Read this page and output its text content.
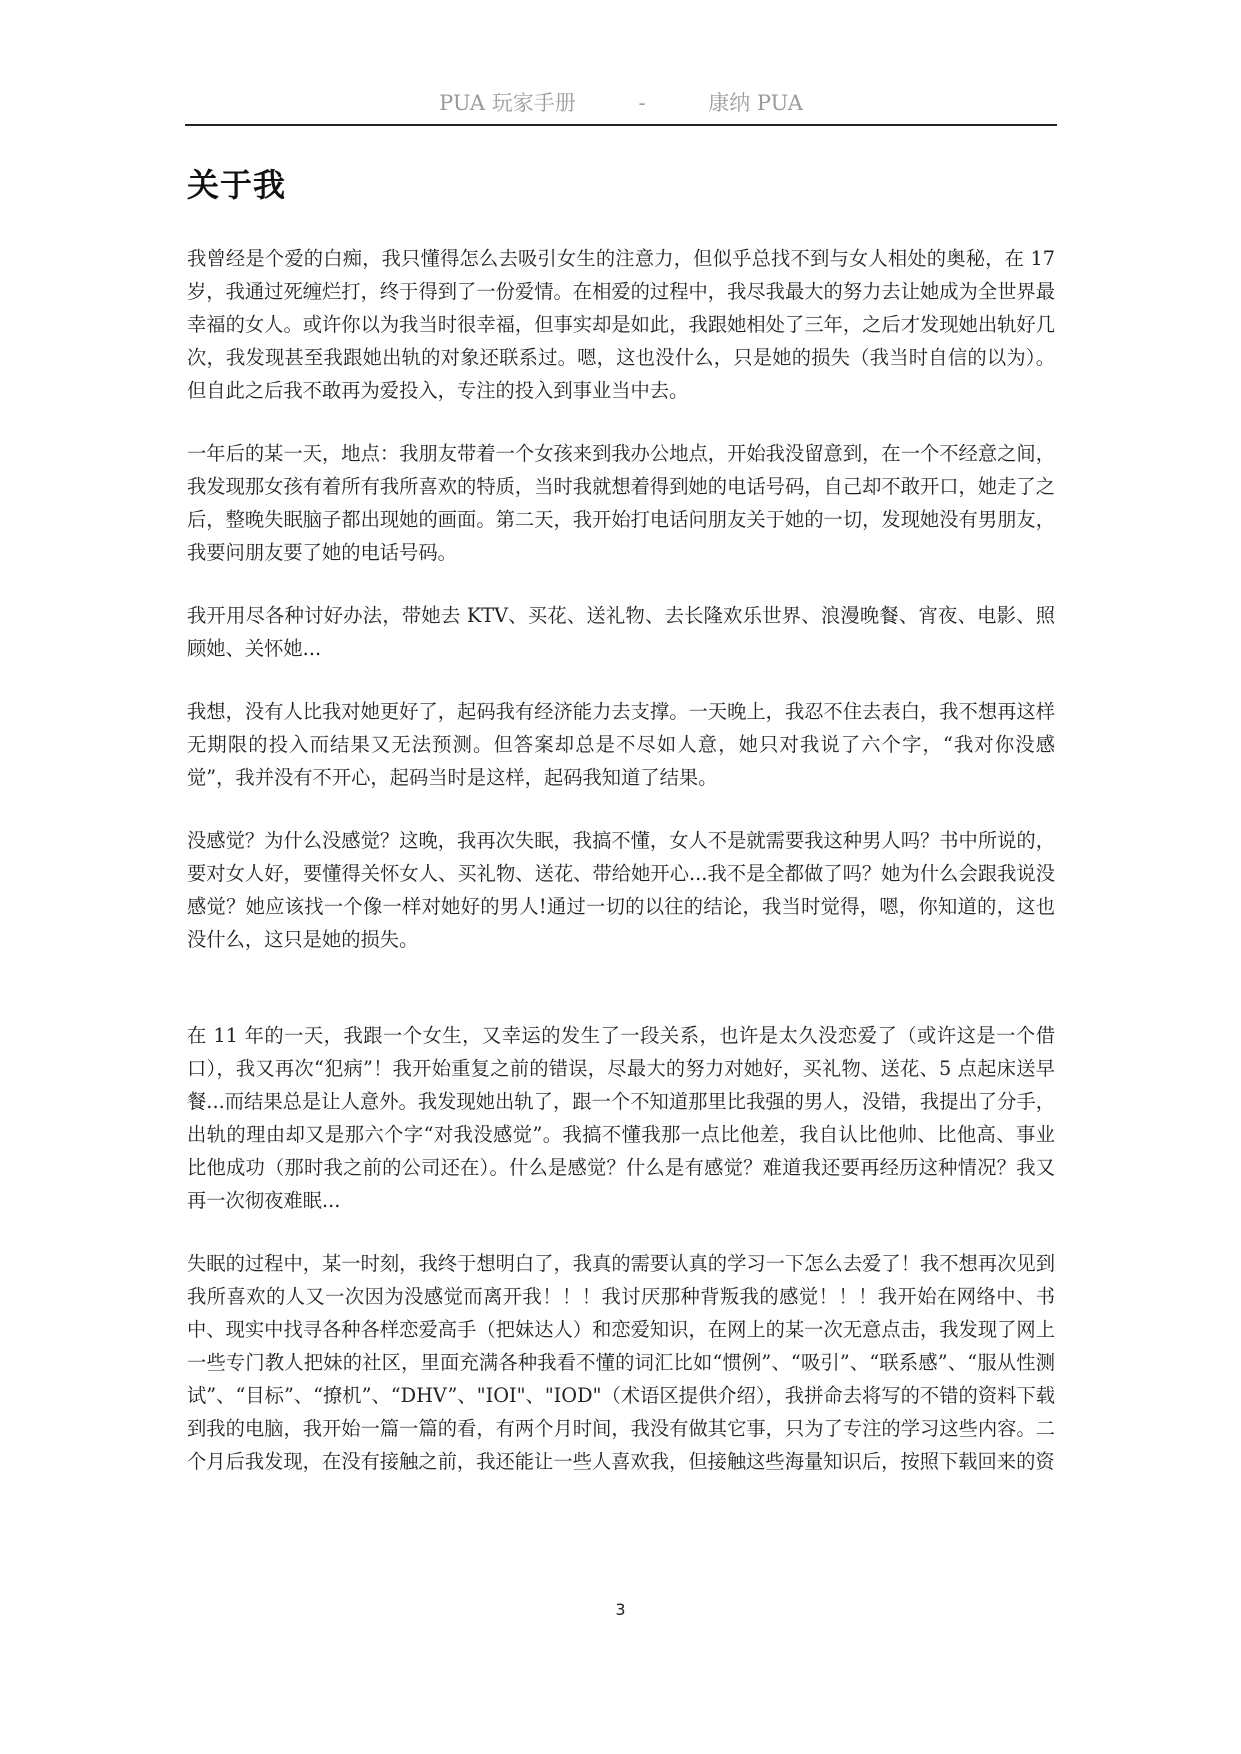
PUA 玩家手册	-	康纳 PUA
关于我

我曾经是个爱的白痴，我只懂得怎么去吸引女生的注意力，但似乎总找不到与女人相处的奥秘，在 17 岁，我通过死缠烂打，终于得到了一份爱情。在相爱的过程中，我尽我最大的努力去让她成为全世界最幸福的女人。或许你以为我当时很幸福，但事实却是如此，我跟她相处了三年，之后才发现她出轨好几次，我发现甚至我跟她出轨的对象还联系过。嗯，这也没什么，只是她的损失（我当时自信的以为）。但自此之后我不敢再为爱投入，专注的投入到事业当中去。

一年后的某一天，地点：我朋友带着一个女孩来到我办公地点，开始我没留意到，在一个不经意之间，我发现那女孩有着所有我所喜欢的特质，当时我就想着得到她的电话号码，自己却不敢开口，她走了之后，整晚失眠脑子都出现她的画面。第二天，我开始打电话问朋友关于她的一切，发现她没有男朋友，我要问朋友要了她的电话号码。

我开用尽各种讨好办法，带她去 KTV、买花、送礼物、去长隆欢乐世界、浪漫晚餐、宵夜、电影、照顾她、关怀她...

我想，没有人比我对她更好了，起码我有经济能力去支撑。一天晚上，我忍不住去表白，我不想再这样无期限的投入而结果又无法预测。但答案却总是不尽如人意，她只对我说了六个字，“我对你没感觉”，我并没有不开心，起码当时是这样，起码我知道了结果。

没感觉？为什么没感觉？这晚，我再次失眠，我搞不懂，女人不是就需要我这种男人吗？书中所说的，要对女人好，要懂得关怀女人、买礼物、送花、带给她开心...我不是全都做了吗？她为什么会跟我说没感觉？她应该找一个像一样对她好的男人!通过一切的以往的结论，我当时觉得，嗯，你知道的，这也没什么，这只是她的损失。

在 11 年的一天，我跟一个女生，又幸运的发生了一段关系，也许是太久没恋爱了（或许这是一个借口），我又再次“犯病”！我开始重复之前的错误，尽最大的努力对她好，买礼物、送花、5 点起床送早餐...而结果总是让人意外。我发现她出轨了，跟一个不知道那里比我强的男人，没错，我提出了分手，出轨的理由却又是那六个字“对我没感觉”。我搞不懂我那一点比他差，我自认比他帅、比他高、事业比他成功（那时我之前的公司还在）。什么是感觉？什么是有感觉？难道我还要再经历这种情况？我又再一次彻夜难眠...

失眠的过程中，某一时刻，我终于想明白了，我真的需要认真的学习一下怎么去爱了！我不想再次见到我所喜欢的人又一次因为没感觉而离开我！！！我讨厌那种背叛我的感觉！！！我开始在网络中、书中、现实中找寻各种各样恋爱高手（把妹达人）和恋爱知识，在网上的某一次无意点击，我发现了网上一些专门教人把妹的社区，里面充满各种我看不懂的词汇比如“惯例”、“吸引”、“联系感”、“服从性测试”、“目标”、“撩机”、“DHV”、"IOI"、"IOD"（术语区提供介绍），我拼命去将写的不错的资料下载到我的电脑，我开始一篇一篇的看，有两个月时间，我没有做其它事，只为了专注的学习这些内容。二个月后我发现，在没有接触之前，我还能让一些人喜欢我，但接触这些海量知识后，按照下载回来的资

3
